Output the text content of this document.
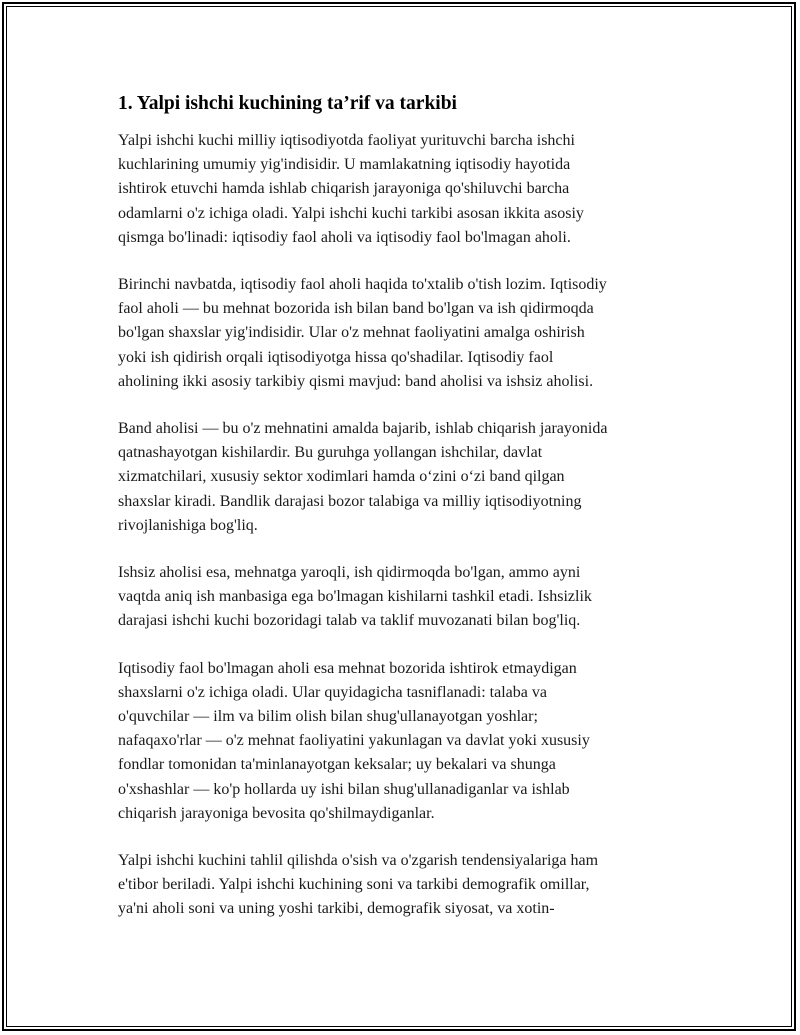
1. Yalpi ishchi kuchining ta’rif va tarkibi

Yalpi ishchi kuchi milliy iqtisodiyotda faoliyat yurituvchi barcha ishchi
kuchlarining umumiy yig'indisidir. U mamlakatning iqtisodiy hayotida
ishtirok etuvchi hamda ishlab chiqarish jarayoniga qo'shiluvchi barcha
odamlarni o'z ichiga oladi. Yalpi ishchi kuchi tarkibi asosan ikkita asosiy
qismga bo'linadi: iqtisodiy faol aholi va iqtisodiy faol bo'lmagan aholi.

Birinchi navbatda, iqtisodiy faol aholi haqida to'xtalib o'tish lozim. Iqtisodiy
faol aholi — bu mehnat bozorida ish bilan band bo'lgan va ish qidirmoqda
bo'lgan shaxslar yig'indisidir. Ular o'z mehnat faoliyatini amalga oshirish
yoki ish qidirish orqali iqtisodiyotga hissa qo'shadilar. Iqtisodiy faol
aholining ikki asosiy tarkibiy qismi mavjud: band aholisi va ishsiz aholisi.

Band aholisi — bu o'z mehnatini amalda bajarib, ishlab chiqarish jarayonida
qatnashayotgan kishilardir. Bu guruhga yollangan ishchilar, davlat
xizmatchilari, xususiy sektor xodimlari hamda o‘zini o‘zi band qilgan
shaxslar kiradi. Bandlik darajasi bozor talabiga va milliy iqtisodiyotning
rivojlanishiga bog'liq.

Ishsiz aholisi esa, mehnatga yaroqli, ish qidirmoqda bo'lgan, ammo ayni
vaqtda aniq ish manbasiga ega bo'lmagan kishilarni tashkil etadi. Ishsizlik
darajasi ishchi kuchi bozoridagi talab va taklif muvozanati bilan bog'liq.

Iqtisodiy faol bo'lmagan aholi esa mehnat bozorida ishtirok etmaydigan
shaxslarni o'z ichiga oladi. Ular quyidagicha tasniflanadi: talaba va
o'quvchilar — ilm va bilim olish bilan shug'ullanayotgan yoshlar;
nafaqaxo'rlar — o'z mehnat faoliyatini yakunlagan va davlat yoki xususiy
fondlar tomonidan ta'minlanayotgan keksalar; uy bekalari va shunga
o'xshashlar — ko'p hollarda uy ishi bilan shug'ullanadiganlar va ishlab
chiqarish jarayoniga bevosita qo'shilmaydiganlar.

Yalpi ishchi kuchini tahlil qilishda o'sish va o'zgarish tendensiyalariga ham
e'tibor beriladi. Yalpi ishchi kuchining soni va tarkibi demografik omillar,
ya'ni aholi soni va uning yoshi tarkibi, demografik siyosat, va xotin-
